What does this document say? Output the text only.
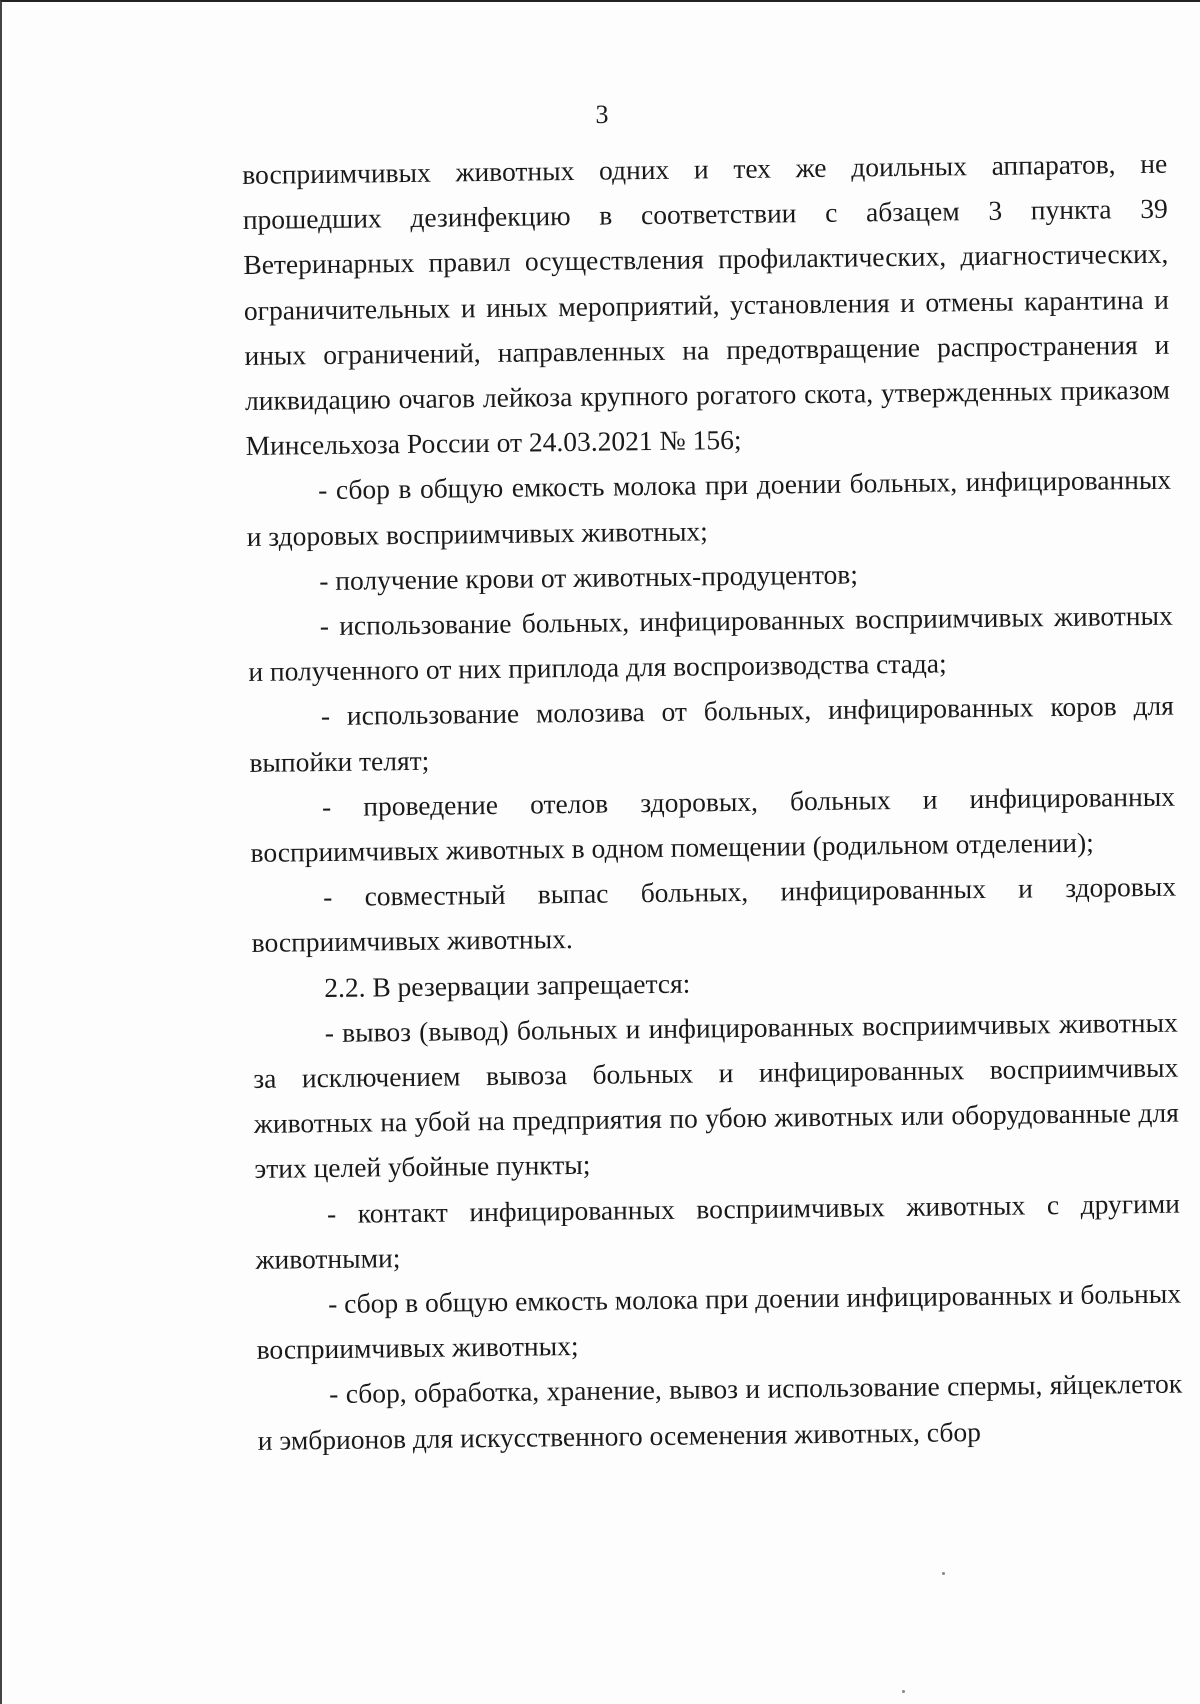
3

восприимчивых животных одних и тех же доильных аппаратов, не прошедших дезинфекцию в соответствии с абзацем 3 пункта 39 Ветеринарных правил осуществления профилактических, диагностических, ограничительных и иных мероприятий, установления и отмены карантина и иных ограничений, направленных на предотвращение распространения и ликвидацию очагов лейкоза крупного рогатого скота, утвержденных приказом Минсельхоза России от 24.03.2021 № 156;

- сбор в общую емкость молока при доении больных, инфицированных и здоровых восприимчивых животных;

- получение крови от животных-продуцентов;

- использование больных, инфицированных восприимчивых животных и полученного от них приплода для воспроизводства стада;

- использование молозива от больных, инфицированных коров для выпойки телят;

- проведение отелов здоровых, больных и инфицированных восприимчивых животных в одном помещении (родильном отделении);

- совместный выпас больных, инфицированных и здоровых восприимчивых животных.

2.2. В резервации запрещается:

- вывоз (вывод) больных и инфицированных восприимчивых животных за исключением вывоза больных и инфицированных восприимчивых животных на убой на предприятия по убою животных или оборудованные для этих целей убойные пункты;

- контакт инфицированных восприимчивых животных с другими животными;

- сбор в общую емкость молока при доении инфицированных и больных восприимчивых животных;

- сбор, обработка, хранение, вывоз и использование спермы, яйцеклеток и эмбрионов для искусственного осеменения животных, сбор
